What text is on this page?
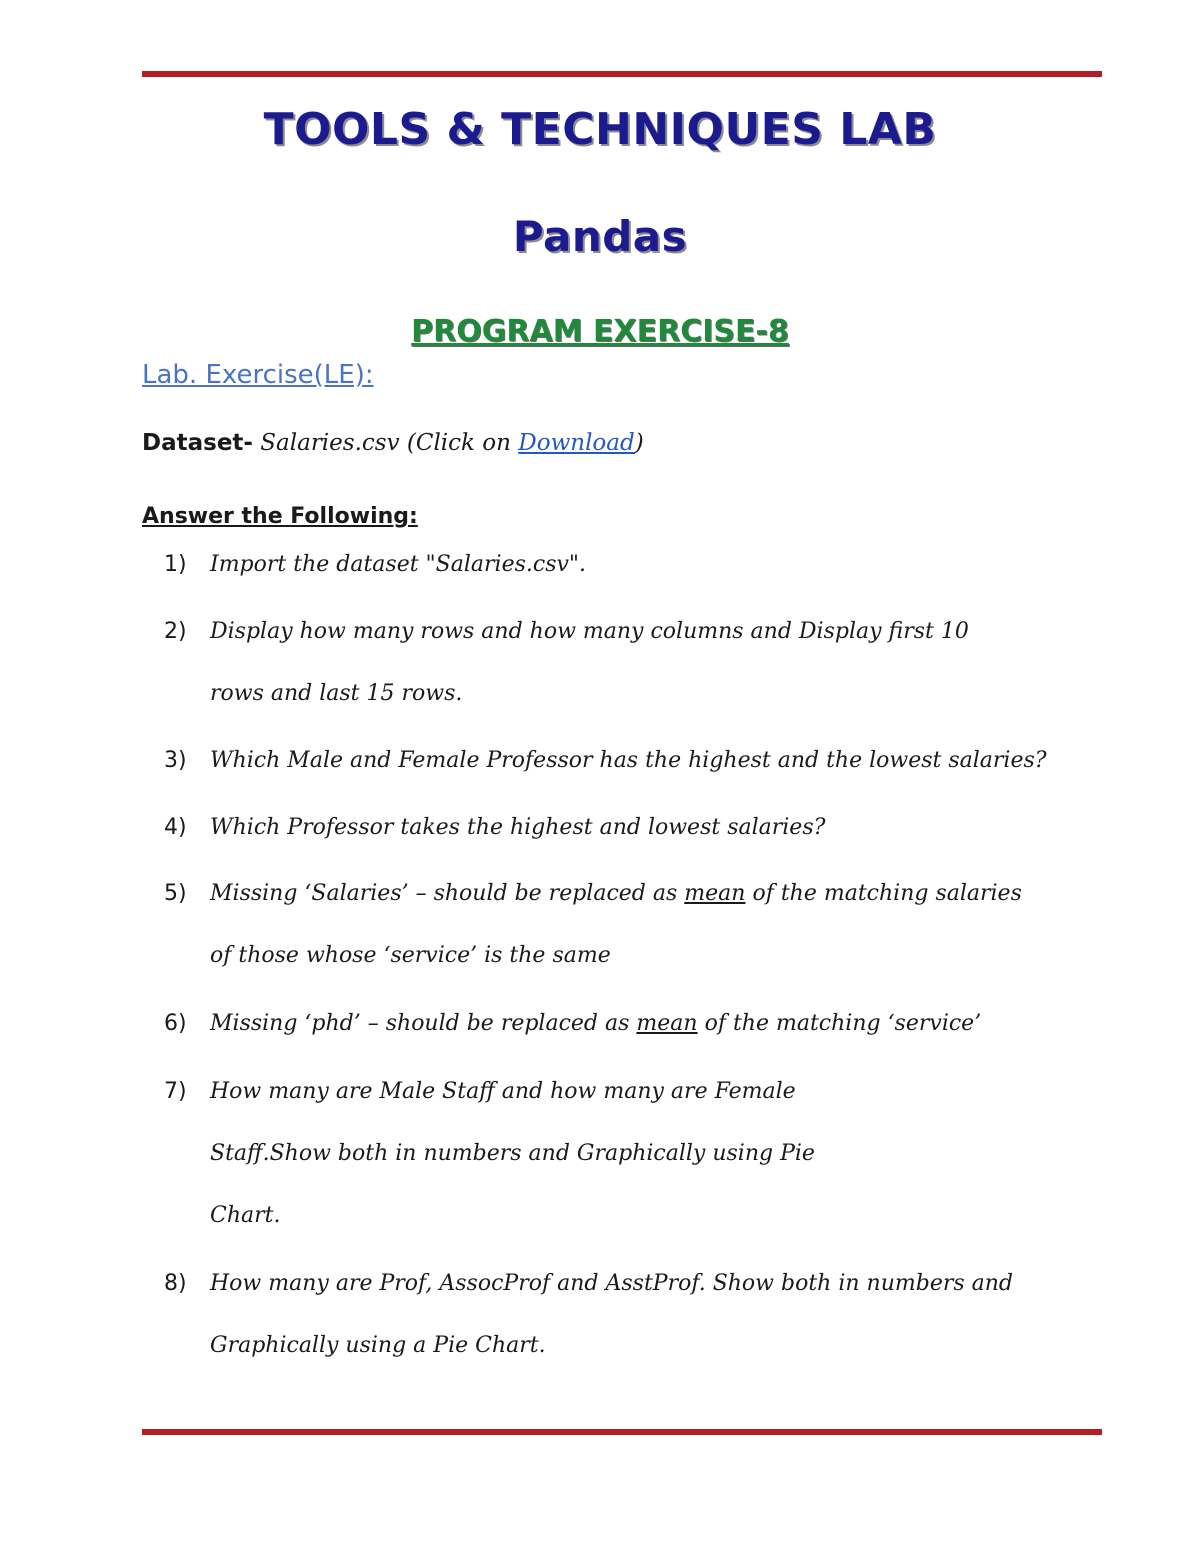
TOOLS & TECHNIQUES LAB
Pandas
PROGRAM EXERCISE-8
Lab. Exercise(LE):
Dataset- Salaries.csv (Click on Download)
Answer the Following:
1) Import the dataset "Salaries.csv".
2) Display how many rows and how many columns and Display first 10
rows and last 15 rows.
3) Which Male and Female Professor has the highest and the lowest salaries?
4) Which Professor takes the highest and lowest salaries?
5) Missing ‘Salaries’ – should be replaced as mean of the matching salaries
of those whose ‘service’ is the same
6) Missing ‘phd’ – should be replaced as mean of the matching ‘service’
7) How many are Male Staff and how many are Female
Staff.Show both in numbers and Graphically using Pie
Chart.
8) How many are Prof, AssocProf and AsstProf. Show both in numbers and
Graphically using a Pie Chart.
